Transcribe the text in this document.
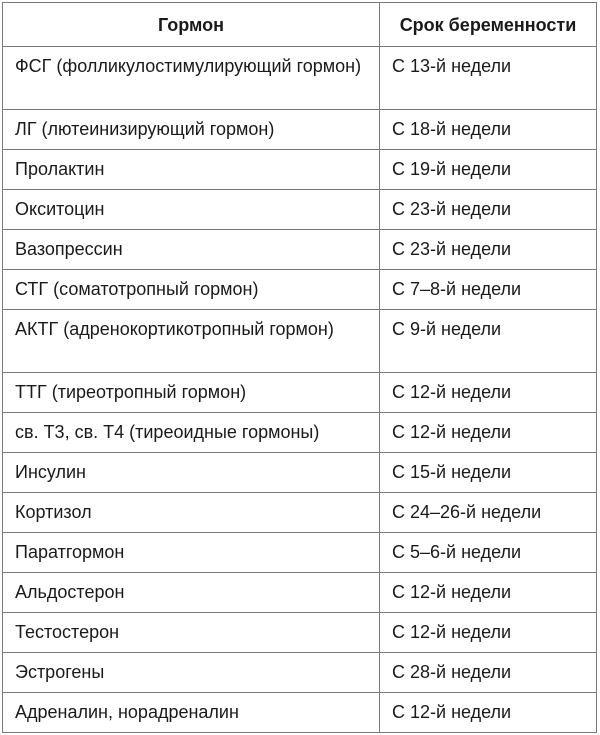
Гормон	Срок беременности
ФСГ (фолликулостимулирующий гормон)	С 13-й недели
ЛГ (лютеинизирующий гормон)	С 18-й недели
Пролактин	С 19-й недели
Окситоцин	С 23-й недели
Вазопрессин	С 23-й недели
СТГ (соматотропный гормон)	С 7–8-й недели
АКТГ (адренокортикотропный гормон)	С 9-й недели
ТТГ (тиреотропный гормон)	С 12-й недели
св. Т3, св. Т4 (тиреоидные гормоны)	С 12-й недели
Инсулин	С 15-й недели
Кортизол	С 24–26-й недели
Паратгормон	С 5–6-й недели
Альдостерон	С 12-й недели
Тестостерон	С 12-й недели
Эстрогены	С 28-й недели
Адреналин, норадреналин	С 12-й недели
